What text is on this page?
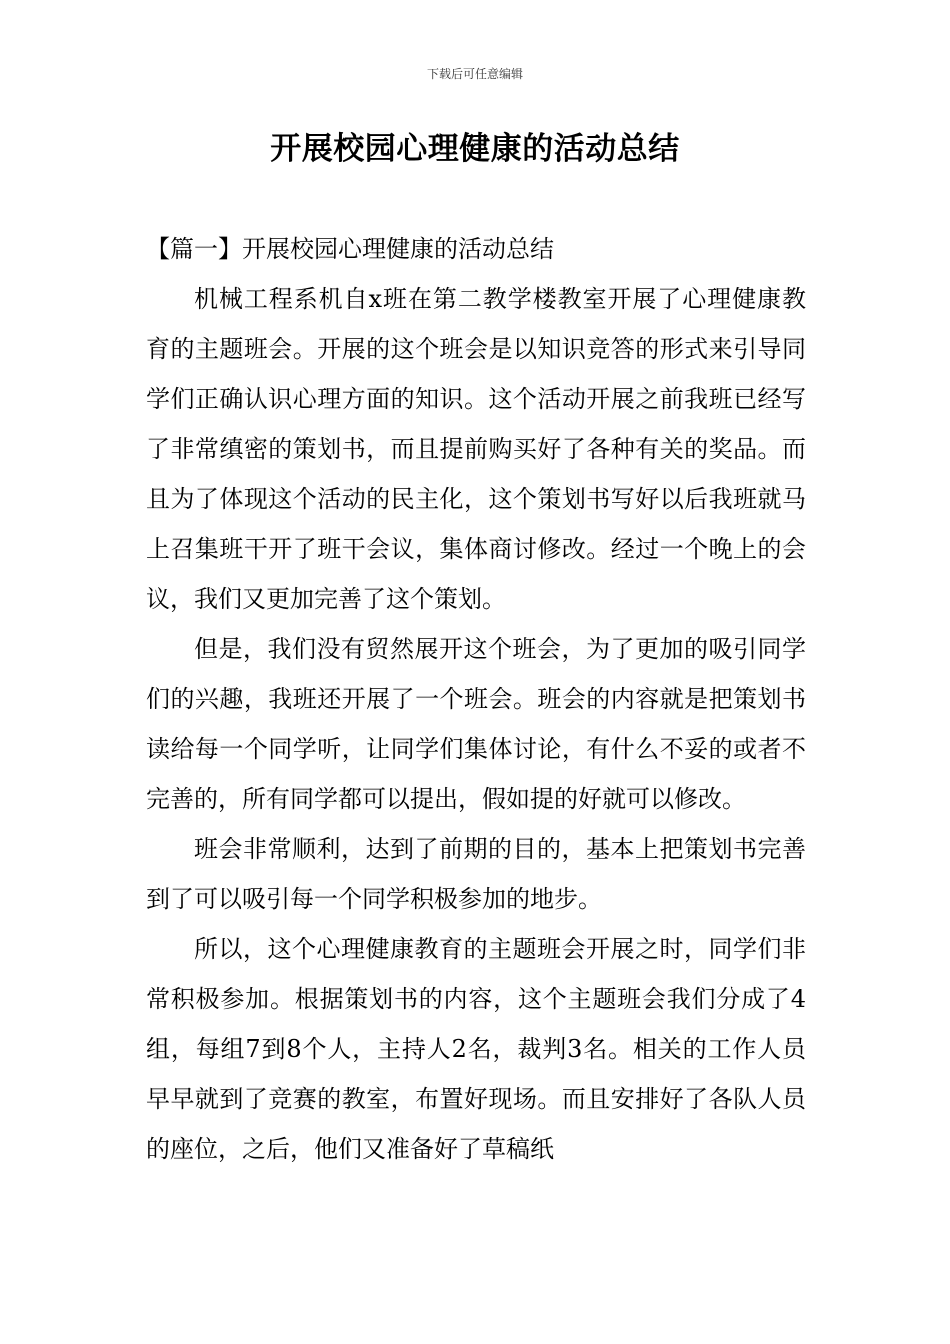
下载后可任意编辑
开展校园心理健康的活动总结

【篇一】开展校园心理健康的活动总结

机械工程系机自x班在第二教学楼教室开展了心理健康教育的主题班会。开展的这个班会是以知识竞答的形式来引导同学们正确认识心理方面的知识。这个活动开展之前我班已经写了非常缜密的策划书，而且提前购买好了各种有关的奖品。而且为了体现这个活动的民主化，这个策划书写好以后我班就马上召集班干开了班干会议，集体商讨修改。经过一个晚上的会议，我们又更加完善了这个策划。

但是，我们没有贸然展开这个班会，为了更加的吸引同学们的兴趣，我班还开展了一个班会。班会的内容就是把策划书读给每一个同学听，让同学们集体讨论，有什么不妥的或者不完善的，所有同学都可以提出，假如提的好就可以修改。

班会非常顺利，达到了前期的目的，基本上把策划书完善到了可以吸引每一个同学积极参加的地步。

所以，这个心理健康教育的主题班会开展之时，同学们非常积极参加。根据策划书的内容，这个主题班会我们分成了4组，每组7到8个人，主持人2名，裁判3名。相关的工作人员早早就到了竞赛的教室，布置好现场。而且安排好了各队人员的座位，之后，他们又准备好了草稿纸
